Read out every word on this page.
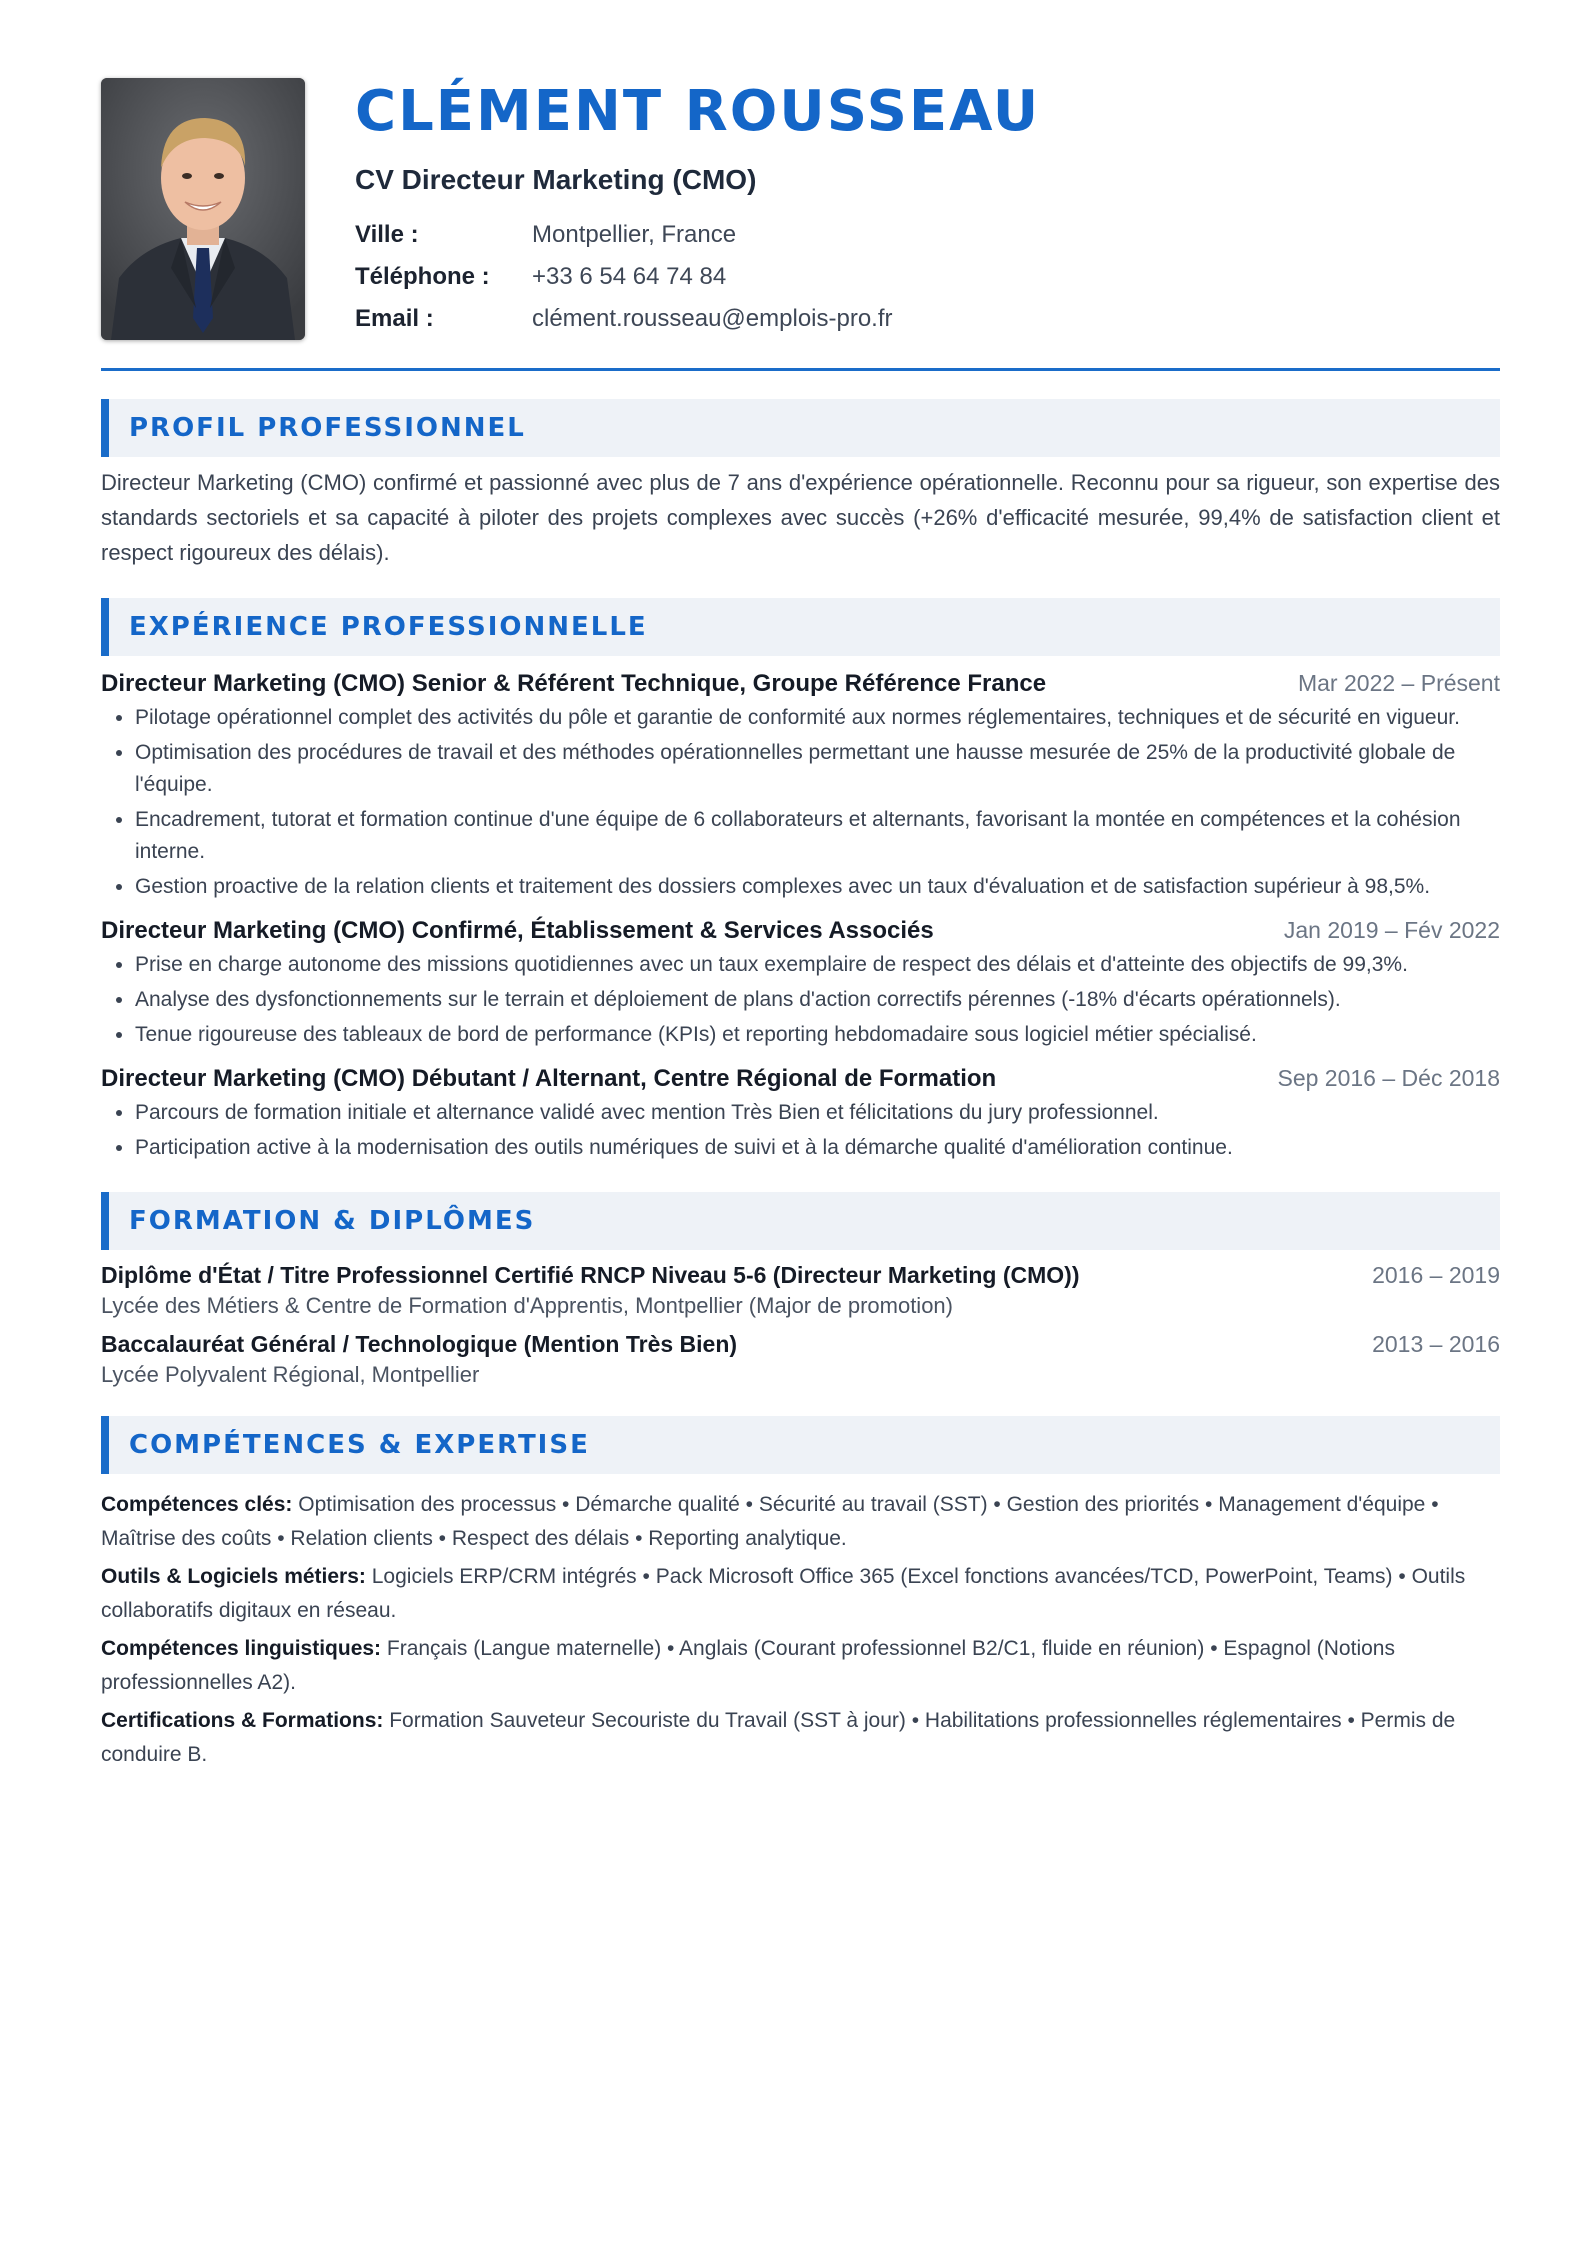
CLÉMENT ROUSSEAU
CV Directeur Marketing (CMO)
Ville :	Montpellier, France
Téléphone :	+33 6 54 64 74 84
Email :	clément.rousseau@emplois-pro.fr
PROFIL PROFESSIONNEL
Directeur Marketing (CMO) confirmé et passionné avec plus de 7 ans d'expérience opérationnelle. Reconnu pour sa rigueur, son expertise des standards sectoriels et sa capacité à piloter des projets complexes avec succès (+26% d'efficacité mesurée, 99,4% de satisfaction client et respect rigoureux des délais).
EXPÉRIENCE PROFESSIONNELLE
Directeur Marketing (CMO) Senior & Référent Technique, Groupe Référence France	Mar 2022 – Présent
• Pilotage opérationnel complet des activités du pôle et garantie de conformité aux normes réglementaires, techniques et de sécurité en vigueur.
• Optimisation des procédures de travail et des méthodes opérationnelles permettant une hausse mesurée de 25% de la productivité globale de l'équipe.
• Encadrement, tutorat et formation continue d'une équipe de 6 collaborateurs et alternants, favorisant la montée en compétences et la cohésion interne.
• Gestion proactive de la relation clients et traitement des dossiers complexes avec un taux d'évaluation et de satisfaction supérieur à 98,5%.
Directeur Marketing (CMO) Confirmé, Établissement & Services Associés	Jan 2019 – Fév 2022
• Prise en charge autonome des missions quotidiennes avec un taux exemplaire de respect des délais et d'atteinte des objectifs de 99,3%.
• Analyse des dysfonctionnements sur le terrain et déploiement de plans d'action correctifs pérennes (-18% d'écarts opérationnels).
• Tenue rigoureuse des tableaux de bord de performance (KPIs) et reporting hebdomadaire sous logiciel métier spécialisé.
Directeur Marketing (CMO) Débutant / Alternant, Centre Régional de Formation	Sep 2016 – Déc 2018
• Parcours de formation initiale et alternance validé avec mention Très Bien et félicitations du jury professionnel.
• Participation active à la modernisation des outils numériques de suivi et à la démarche qualité d'amélioration continue.
FORMATION & DIPLÔMES
Diplôme d'État / Titre Professionnel Certifié RNCP Niveau 5-6 (Directeur Marketing (CMO))	2016 – 2019
Lycée des Métiers & Centre de Formation d'Apprentis, Montpellier (Major de promotion)
Baccalauréat Général / Technologique (Mention Très Bien)	2013 – 2016
Lycée Polyvalent Régional, Montpellier
COMPÉTENCES & EXPERTISE
Compétences clés: Optimisation des processus • Démarche qualité • Sécurité au travail (SST) • Gestion des priorités • Management d'équipe • Maîtrise des coûts • Relation clients • Respect des délais • Reporting analytique.
Outils & Logiciels métiers: Logiciels ERP/CRM intégrés • Pack Microsoft Office 365 (Excel fonctions avancées/TCD, PowerPoint, Teams) • Outils collaboratifs digitaux en réseau.
Compétences linguistiques: Français (Langue maternelle) • Anglais (Courant professionnel B2/C1, fluide en réunion) • Espagnol (Notions professionnelles A2).
Certifications & Formations: Formation Sauveteur Secouriste du Travail (SST à jour) • Habilitations professionnelles réglementaires • Permis de conduire B.
